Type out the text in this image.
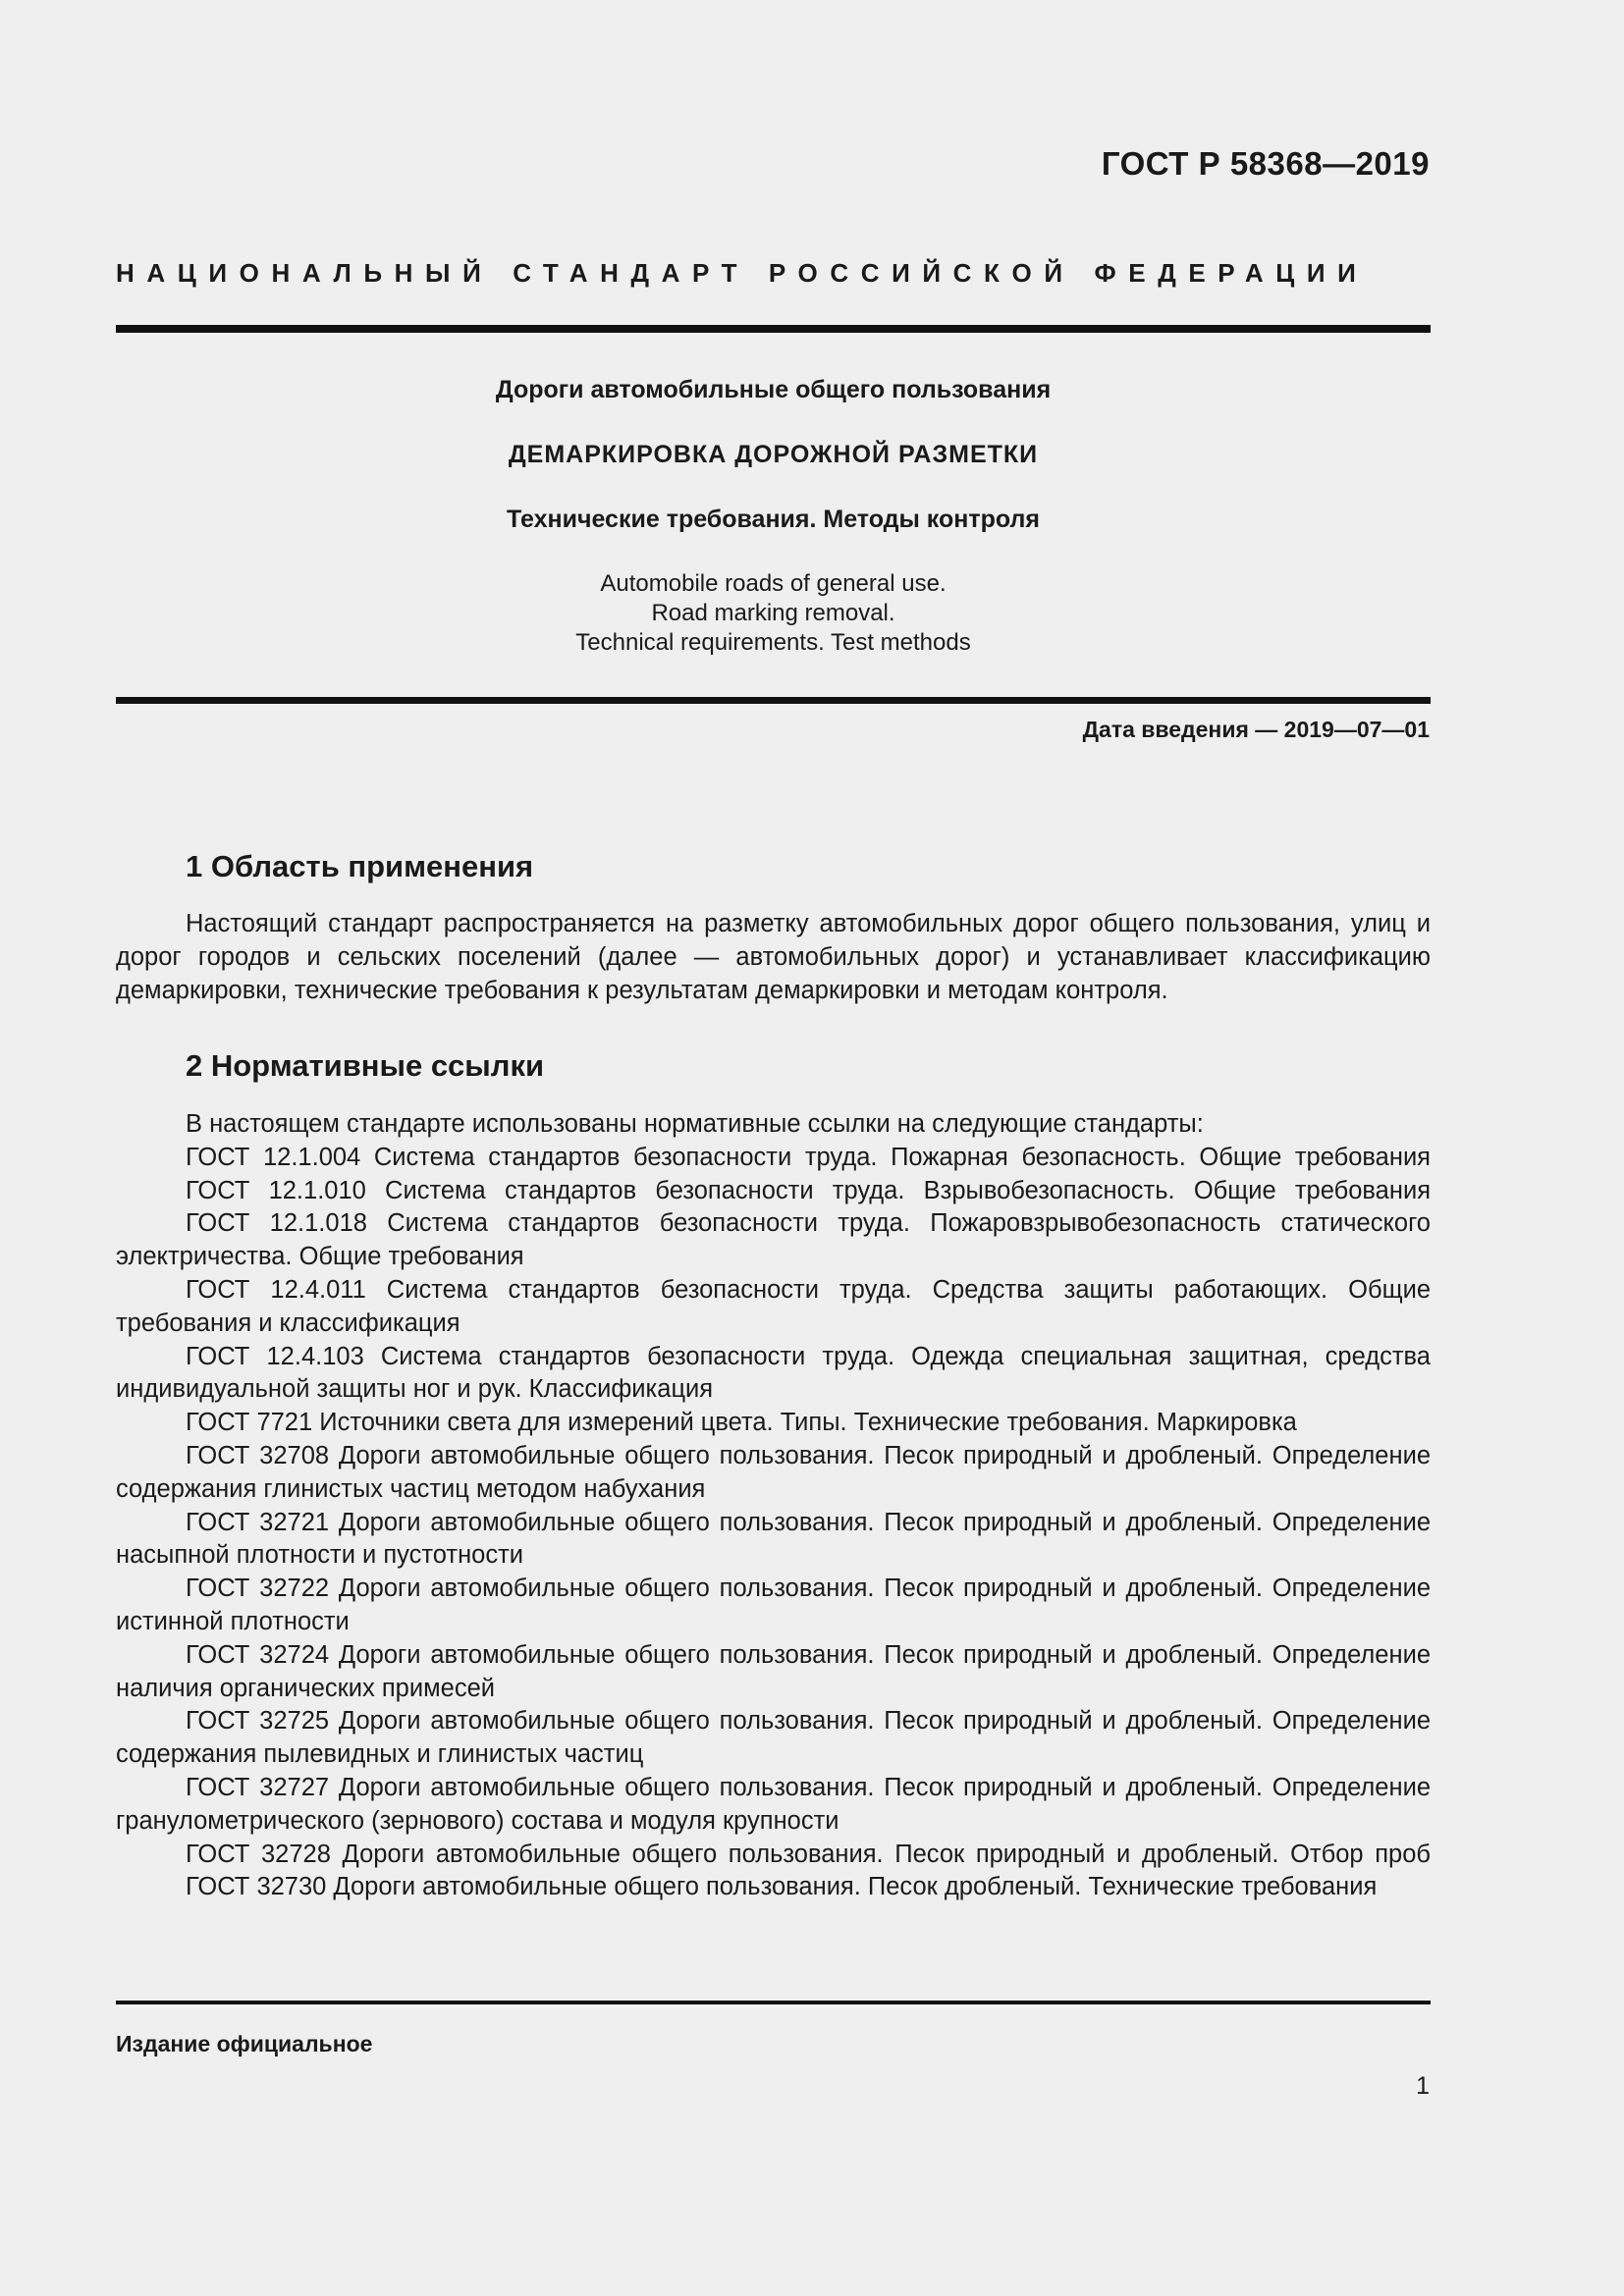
ГОСТ Р 58368—2019
НАЦИОНАЛЬНЫЙ СТАНДАРТ РОССИЙСКОЙ ФЕДЕРАЦИИ
Дороги автомобильные общего пользования
ДЕМАРКИРОВКА ДОРОЖНОЙ РАЗМЕТКИ
Технические требования. Методы контроля
Automobile roads of general use.
Road marking removal.
Technical requirements. Test methods
Дата введения — 2019—07—01
1 Область применения

Настоящий стандарт распространяется на разметку автомобильных дорог общего пользования, улиц и дорог городов и сельских поселений (далее — автомобильных дорог) и устанавливает классификацию демаркировки, технические требования к результатам демаркировки и методам контроля.

2 Нормативные ссылки

В настоящем стандарте использованы нормативные ссылки на следующие стандарты:

ГОСТ 12.1.004 Система стандартов безопасности труда. Пожарная безопасность. Общие требования

ГОСТ 12.1.010 Система стандартов безопасности труда. Взрывобезопасность. Общие требования

ГОСТ 12.1.018 Система стандартов безопасности труда. Пожаровзрывобезопасность статического электричества. Общие требования

ГОСТ 12.4.011 Система стандартов безопасности труда. Средства защиты работающих. Общие требования и классификация

ГОСТ 12.4.103 Система стандартов безопасности труда. Одежда специальная защитная, средства индивидуальной защиты ног и рук. Классификация

ГОСТ 7721 Источники света для измерений цвета. Типы. Технические требования. Маркировка

ГОСТ 32708 Дороги автомобильные общего пользования. Песок природный и дробленый. Определение содержания глинистых частиц методом набухания

ГОСТ 32721 Дороги автомобильные общего пользования. Песок природный и дробленый. Определение насыпной плотности и пустотности

ГОСТ 32722 Дороги автомобильные общего пользования. Песок природный и дробленый. Определение истинной плотности

ГОСТ 32724 Дороги автомобильные общего пользования. Песок природный и дробленый. Определение наличия органических примесей

ГОСТ 32725 Дороги автомобильные общего пользования. Песок природный и дробленый. Определение содержания пылевидных и глинистых частиц

ГОСТ 32727 Дороги автомобильные общего пользования. Песок природный и дробленый. Определение гранулометрического (зернового) состава и модуля крупности

ГОСТ 32728 Дороги автомобильные общего пользования. Песок природный и дробленый. Отбор проб

ГОСТ 32730 Дороги автомобильные общего пользования. Песок дробленый. Технические требования

Издание официальное
1
